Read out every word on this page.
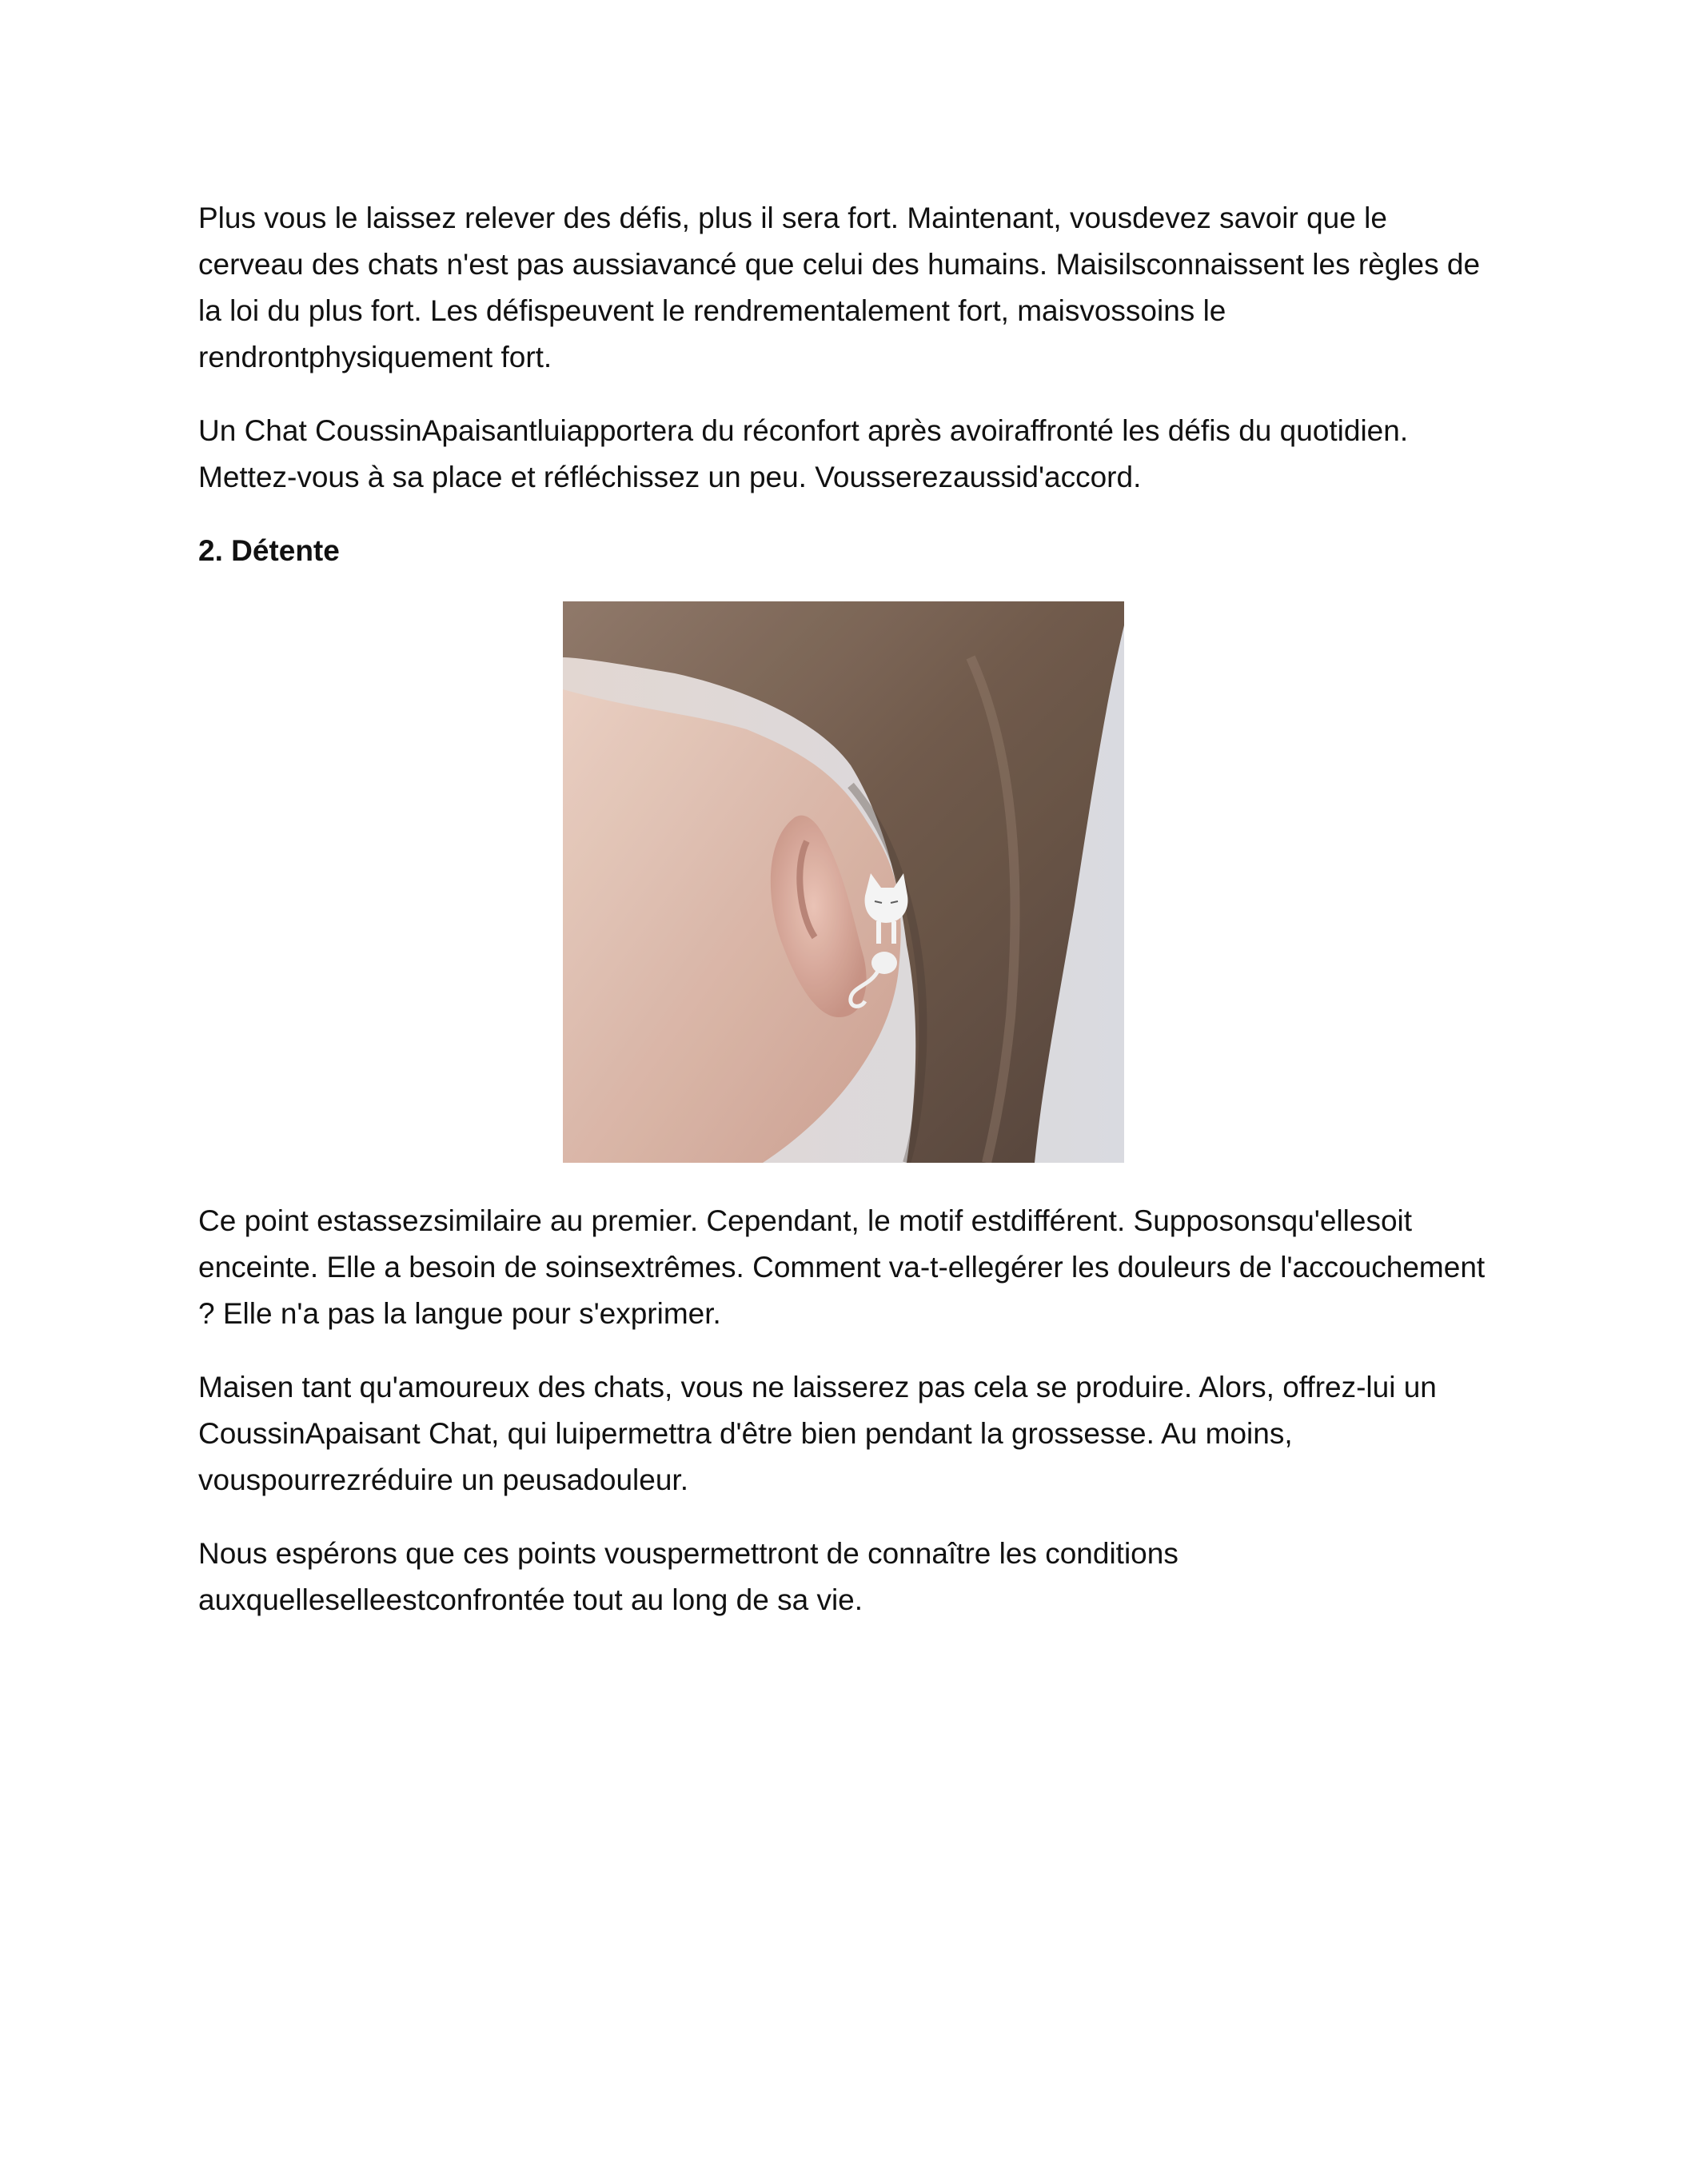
Plus vous le laissez relever des défis, plus il sera fort. Maintenant, vousdevez savoir que le cerveau des chats n'est pas aussiavancé que celui des humains. Maisilsconnaissent les règles de la loi du plus fort. Les défispeuvent le rendrementalement fort, maisvossoins le rendrontphysiquement fort.

Un Chat CoussinApaisantluiapportera du réconfort après avoiraffronté les défis du quotidien. Mettez-vous à sa place et réfléchissez un peu. Vousserezaussid'accord.

2. Détente

Ce point estassezsimilaire au premier. Cependant, le motif estdifférent. Supposonsqu'ellesoit enceinte. Elle a besoin de soinsextrêmes. Comment va-t-ellegérer les douleurs de l'accouchement ? Elle n'a pas la langue pour s'exprimer.

Maisen tant qu'amoureux des chats, vous ne laisserez pas cela se produire. Alors, offrez-lui un CoussinApaisant Chat, qui luipermettra d'être bien pendant la grossesse. Au moins, vouspourrezréduire un peusadouleur.

Nous espérons que ces points vouspermettront de connaître les conditions auxquelleselleestconfrontée tout au long de sa vie.
